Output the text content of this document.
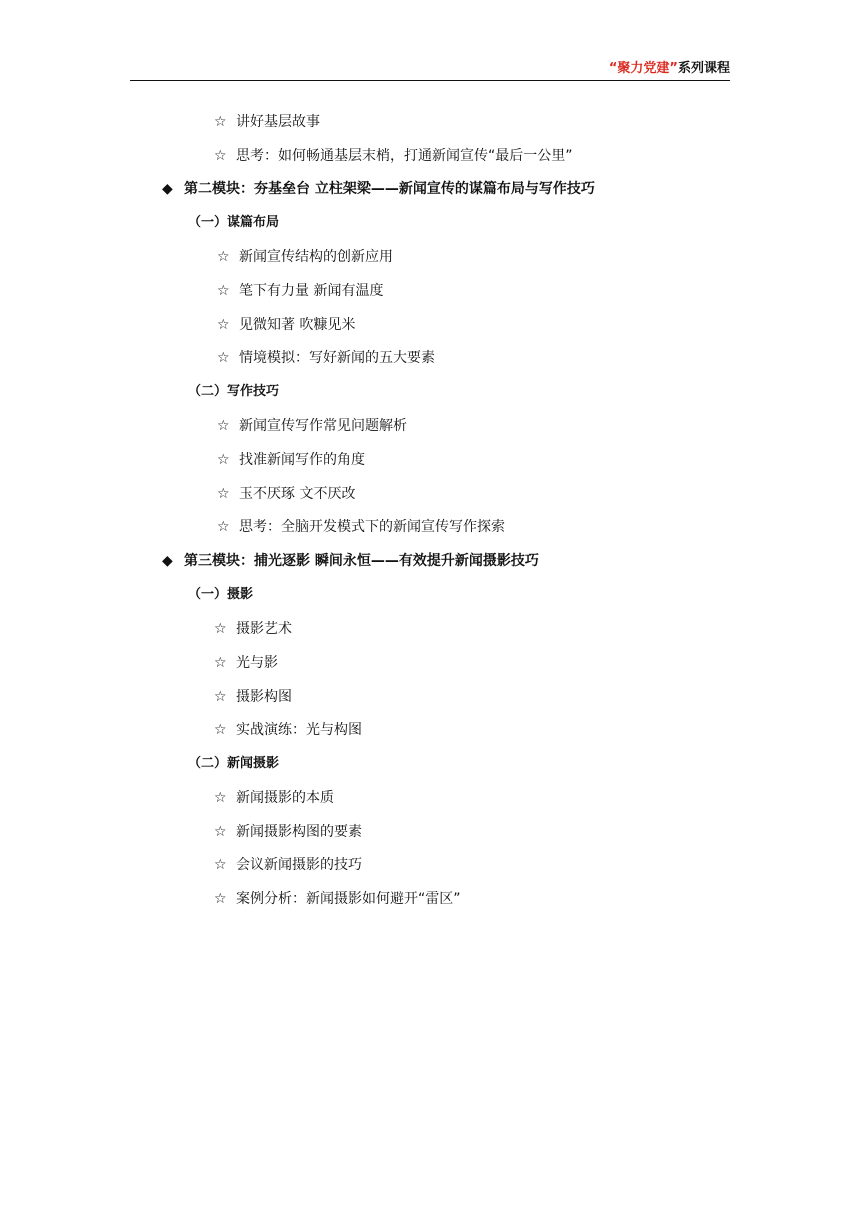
“聚力党建”系列课程
☆ 讲好基层故事
☆ 思考：如何畅通基层末梢，打通新闻宣传“最后一公里”
◆ 第二模块：夯基垒台 立柱架梁——新闻宣传的谋篇布局与写作技巧
（一）谋篇布局
☆ 新闻宣传结构的创新应用
☆ 笔下有力量 新闻有温度
☆ 见微知著 吹糠见米
☆ 情境模拟：写好新闻的五大要素
（二）写作技巧
☆ 新闻宣传写作常见问题解析
☆ 找准新闻写作的角度
☆ 玉不厌琢 文不厌改
☆ 思考：全脑开发模式下的新闻宣传写作探索
◆ 第三模块：捕光逐影 瞬间永恒——有效提升新闻摄影技巧
（一）摄影
☆ 摄影艺术
☆ 光与影
☆ 摄影构图
☆ 实战演练：光与构图
（二）新闻摄影
☆ 新闻摄影的本质
☆ 新闻摄影构图的要素
☆ 会议新闻摄影的技巧
☆ 案例分析：新闻摄影如何避开“雷区”
